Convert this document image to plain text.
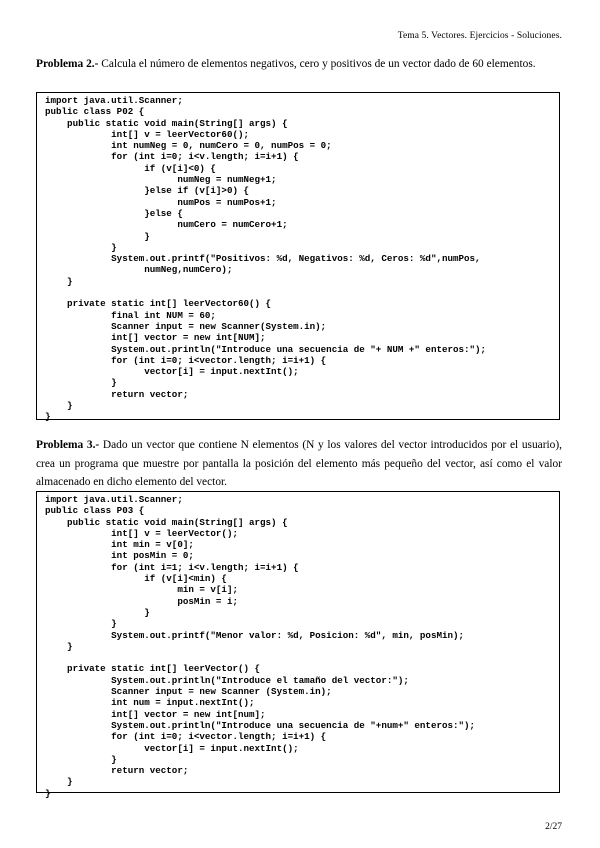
Tema 5. Vectores. Ejercicios - Soluciones.
Problema 2.- Calcula el número de elementos negativos, cero y positivos de un vector dado de 60 elementos.
import java.util.Scanner;
public class P02 {
public static void main(String[] args) {
int[] v = leerVector60();
int numNeg = 0, numCero = 0, numPos = 0;
for (int i=0; i<v.length; i=i+1) {
if (v[i]<0) {
numNeg = numNeg+1;
}else if (v[i]>0) {
numPos = numPos+1;
}else {
numCero = numCero+1;
}
}
System.out.printf("Positivos: %d, Negativos: %d, Ceros: %d",numPos,
numNeg,numCero);
}

private static int[] leerVector60() {
final int NUM = 60;
Scanner input = new Scanner(System.in);
int[] vector = new int[NUM];
System.out.println("Introduce una secuencia de "+ NUM +" enteros:");
for (int i=0; i<vector.length; i=i+1) {
vector[i] = input.nextInt();
}
return vector;
}
}
Problema 3.- Dado un vector que contiene N elementos (N y los valores del vector introducidos por el usuario), crea un programa que muestre por pantalla la posición del elemento más pequeño del vector, así como el valor almacenado en dicho elemento del vector.
import java.util.Scanner;
public class P03 {
public static void main(String[] args) {
int[] v = leerVector();
int min = v[0];
int posMin = 0;
for (int i=1; i<v.length; i=i+1) {
if (v[i]<min) {
min = v[i];
posMin = i;
}
}
System.out.printf("Menor valor: %d, Posicion: %d", min, posMin);
}

private static int[] leerVector() {
System.out.println("Introduce el tamaño del vector:");
Scanner input = new Scanner (System.in);
int num = input.nextInt();
int[] vector = new int[num];
System.out.println("Introduce una secuencia de "+num+" enteros:");
for (int i=0; i<vector.length; i=i+1) {
vector[i] = input.nextInt();
}
return vector;
}
}
2/27
